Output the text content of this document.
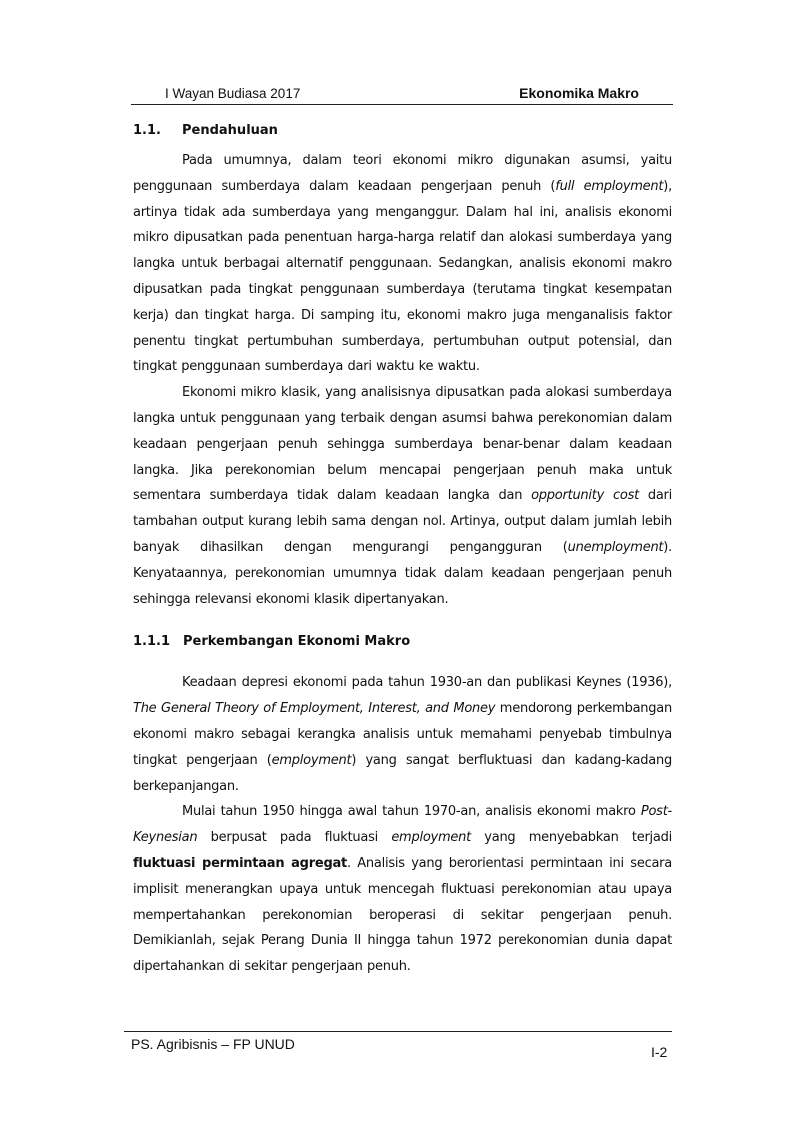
I Wayan Budiasa 2017	Ekonomika Makro
1.1. Pendahuluan

Pada umumnya, dalam teori ekonomi mikro digunakan asumsi, yaitu penggunaan sumberdaya dalam keadaan pengerjaan penuh (full employment), artinya tidak ada sumberdaya yang menganggur. Dalam hal ini, analisis ekonomi mikro dipusatkan pada penentuan harga-harga relatif dan alokasi sumberdaya yang langka untuk berbagai alternatif penggunaan. Sedangkan, analisis ekonomi makro dipusatkan pada tingkat penggunaan sumberdaya (terutama tingkat kesempatan kerja) dan tingkat harga. Di samping itu, ekonomi makro juga menganalisis faktor penentu tingkat pertumbuhan sumberdaya, pertumbuhan output potensial, dan tingkat penggunaan sumberdaya dari waktu ke waktu.

Ekonomi mikro klasik, yang analisisnya dipusatkan pada alokasi sumberdaya langka untuk penggunaan yang terbaik dengan asumsi bahwa perekonomian dalam keadaan pengerjaan penuh sehingga sumberdaya benar-benar dalam keadaan langka. Jika perekonomian belum mencapai pengerjaan penuh maka untuk sementara sumberdaya tidak dalam keadaan langka dan opportunity cost dari tambahan output kurang lebih sama dengan nol. Artinya, output dalam jumlah lebih banyak dihasilkan dengan mengurangi pengangguran (unemployment). Kenyataannya, perekonomian umumnya tidak dalam keadaan pengerjaan penuh sehingga relevansi ekonomi klasik dipertanyakan.

1.1.1 Perkembangan Ekonomi Makro

Keadaan depresi ekonomi pada tahun 1930-an dan publikasi Keynes (1936), The General Theory of Employment, Interest, and Money mendorong perkembangan ekonomi makro sebagai kerangka analisis untuk memahami penyebab timbulnya tingkat pengerjaan (employment) yang sangat berfluktuasi dan kadang-kadang berkepanjangan.

Mulai tahun 1950 hingga awal tahun 1970-an, analisis ekonomi makro Post-Keynesian berpusat pada fluktuasi employment yang menyebabkan terjadi fluktuasi permintaan agregat. Analisis yang berorientasi permintaan ini secara implisit menerangkan upaya untuk mencegah fluktuasi perekonomian atau upaya mempertahankan perekonomian beroperasi di sekitar pengerjaan penuh. Demikianlah, sejak Perang Dunia II hingga tahun 1972 perekonomian dunia dapat dipertahankan di sekitar pengerjaan penuh.

PS. Agribisnis – FP UNUD	I-2
